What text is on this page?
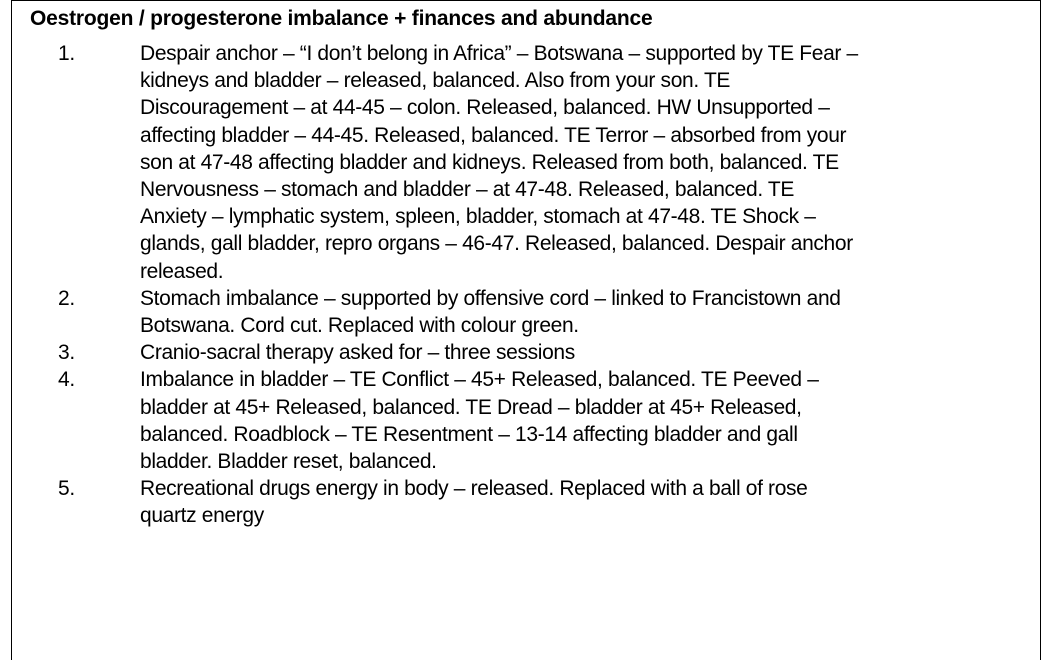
Oestrogen / progesterone imbalance + finances and abundance
1.	Despair anchor – “I don’t belong in Africa” – Botswana – supported by TE Fear –
kidneys and bladder – released, balanced. Also from your son. TE
Discouragement – at 44-45 – colon. Released, balanced. HW Unsupported –
affecting bladder – 44-45. Released, balanced. TE Terror – absorbed from your
son at 47-48 affecting bladder and kidneys. Released from both, balanced. TE
Nervousness – stomach and bladder – at 47-48. Released, balanced. TE
Anxiety – lymphatic system, spleen, bladder, stomach at 47-48. TE Shock –
glands, gall bladder, repro organs – 46-47. Released, balanced. Despair anchor
released.
2.	Stomach imbalance – supported by offensive cord – linked to Francistown and
Botswana. Cord cut. Replaced with colour green.
3.	Cranio-sacral therapy asked for – three sessions
4.	Imbalance in bladder – TE Conflict – 45+ Released, balanced. TE Peeved –
bladder at 45+ Released, balanced. TE Dread – bladder at 45+ Released,
balanced. Roadblock – TE Resentment – 13-14 affecting bladder and gall
bladder. Bladder reset, balanced.
5.	Recreational drugs energy in body – released. Replaced with a ball of rose
quartz energy
